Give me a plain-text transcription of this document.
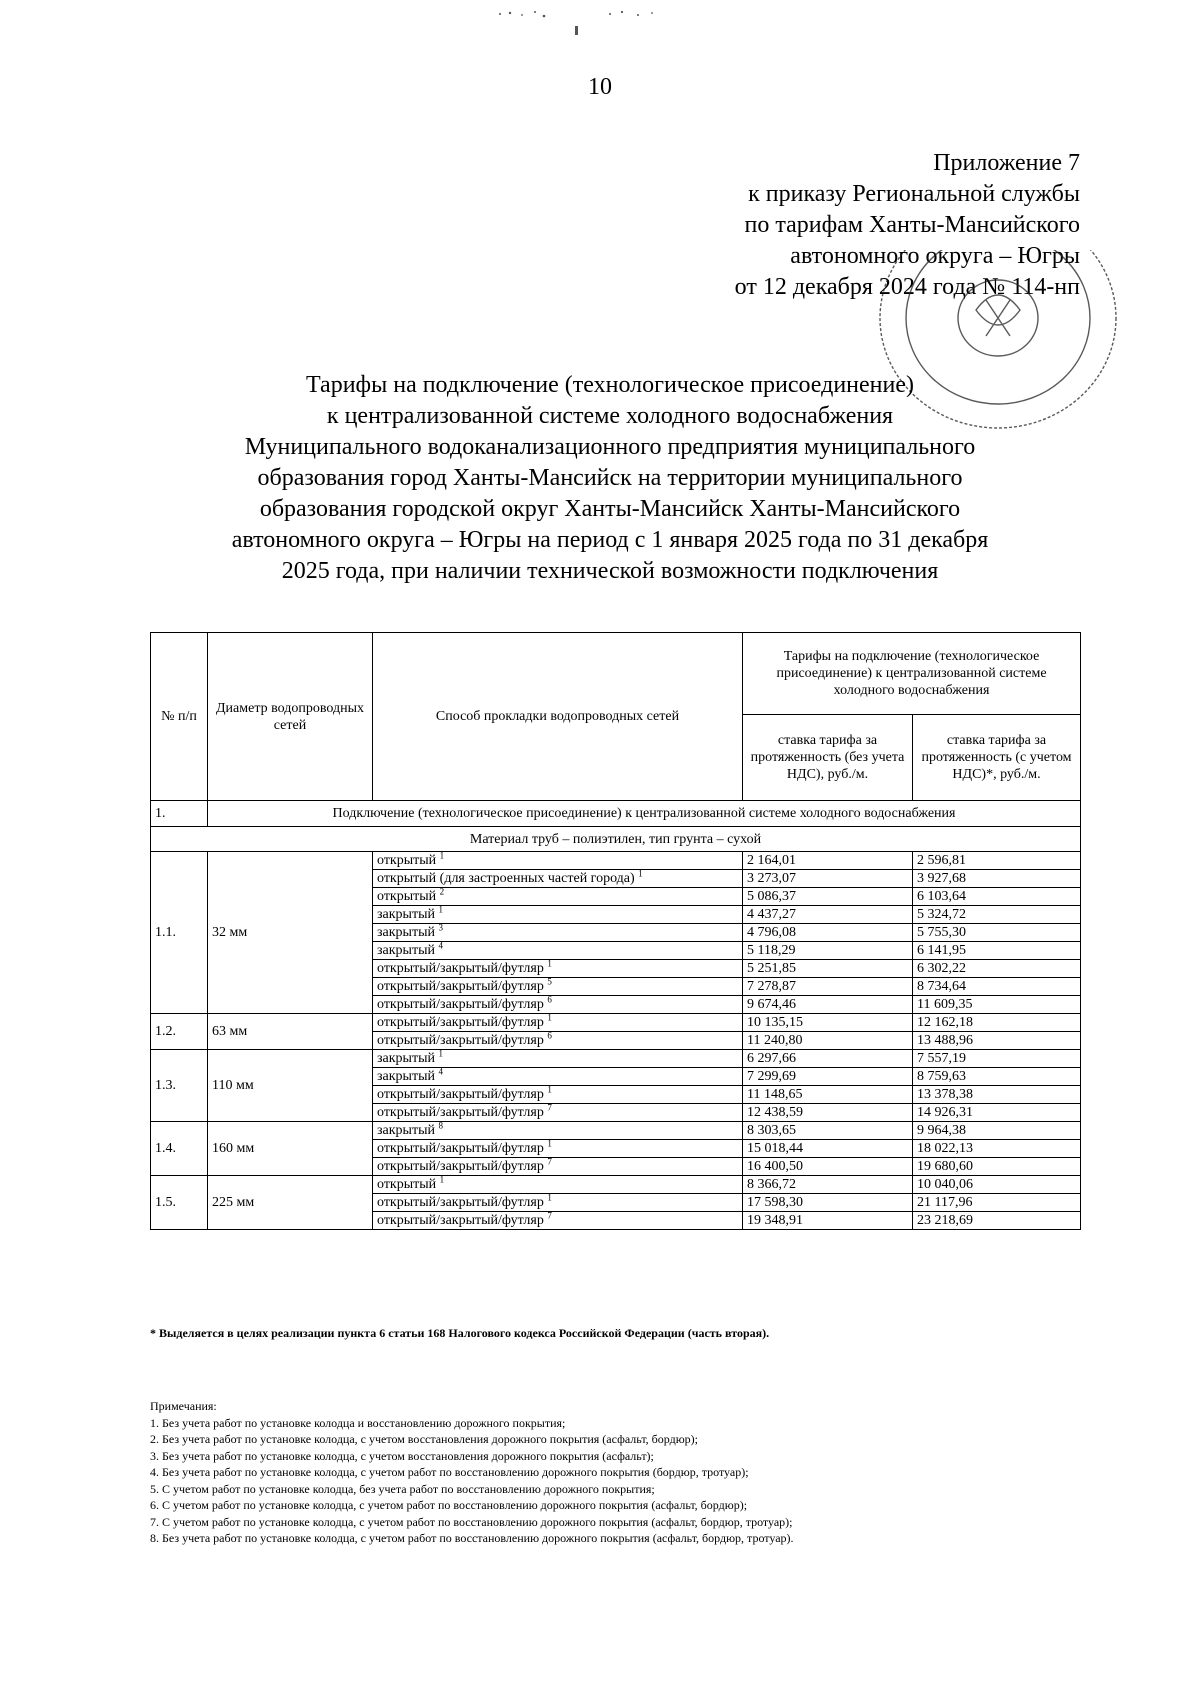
10
Приложение 7
к приказу Региональной службы
по тарифам Ханты-Мансийского
автономного округа – Югры
от 12 декабря 2024 года № 114-нп
Тарифы на подключение (технологическое присоединение)
к централизованной системе холодного водоснабжения
Муниципального водоканализационного предприятия муниципального
образования город Ханты-Мансийск на территории муниципального
образования городской округ Ханты-Мансийск Ханты-Мансийского
автономного округа – Югры на период с 1 января 2025 года по 31 декабря
2025 года, при наличии технической возможности подключения
№ п/п	Диаметр водопроводных сетей	Способ прокладки водопроводных сетей	Тарифы на подключение (технологическое присоединение) к централизованной системе холодного водоснабжения	
			ставка тарифа за протяженность (без учета НДС), руб./м.	ставка тарифа за протяженность (с учетом НДС)*, руб./м.
1.	Подключение (технологическое присоединение) к централизованной системе холодного водоснабжения			
Материал труб – полиэтилен, тип грунта – сухой				
1.1.	32 мм	открытый $^1$	2 164,01	2 596,81
		открытый (для застроенных частей города) $^1$	3 273,07	3 927,68
		открытый $^2$	5 086,37	6 103,64
		закрытый $^1$	4 437,27	5 324,72
		закрытый $^3$	4 796,08	5 755,30
		закрытый $^4$	5 118,29	6 141,95
		открытый/закрытый/футляр $^1$	5 251,85	6 302,22
		открытый/закрытый/футляр $^5$	7 278,87	8 734,64
		открытый/закрытый/футляр $^6$	9 674,46	11 609,35
1.2.	63 мм	открытый/закрытый/футляр $^1$	10 135,15	12 162,18
		открытый/закрытый/футляр $^6$	11 240,80	13 488,96
1.3.	110 мм	закрытый $^1$	6 297,66	7 557,19
		закрытый $^4$	7 299,69	8 759,63
		открытый/закрытый/футляр $^1$	11 148,65	13 378,38
		открытый/закрытый/футляр $^7$	12 438,59	14 926,31
1.4.	160 мм	закрытый $^8$	8 303,65	9 964,38
		открытый/закрытый/футляр $^1$	15 018,44	18 022,13
		открытый/закрытый/футляр $^7$	16 400,50	19 680,60
1.5.	225 мм	открытый $^1$	8 366,72	10 040,06
		открытый/закрытый/футляр $^1$	17 598,30	21 117,96
		открытый/закрытый/футляр $^7$	19 348,91	23 218,69
* Выделяется в целях реализации пункта 6 статьи 168 Налогового кодекса Российской Федерации (часть вторая).
Примечания:
1. Без учета работ по установке колодца и восстановлению дорожного покрытия;
2. Без учета работ по установке колодца, с учетом восстановления дорожного покрытия (асфальт, бордюр);
3. Без учета работ по установке колодца, с учетом восстановления дорожного покрытия (асфальт);
4. Без учета работ по установке колодца, с учетом работ по восстановлению дорожного покрытия (бордюр, тротуар);
5. С учетом работ по установке колодца, без учета работ по восстановлению дорожного покрытия;
6. С учетом работ по установке колодца, с учетом работ по восстановлению дорожного покрытия (асфальт, бордюр);
7. С учетом работ по установке колодца, с учетом работ по восстановлению дорожного покрытия (асфальт, бордюр, тротуар);
8. Без учета работ по установке колодца, с учетом работ по восстановлению дорожного покрытия (асфальт, бордюр, тротуар).
